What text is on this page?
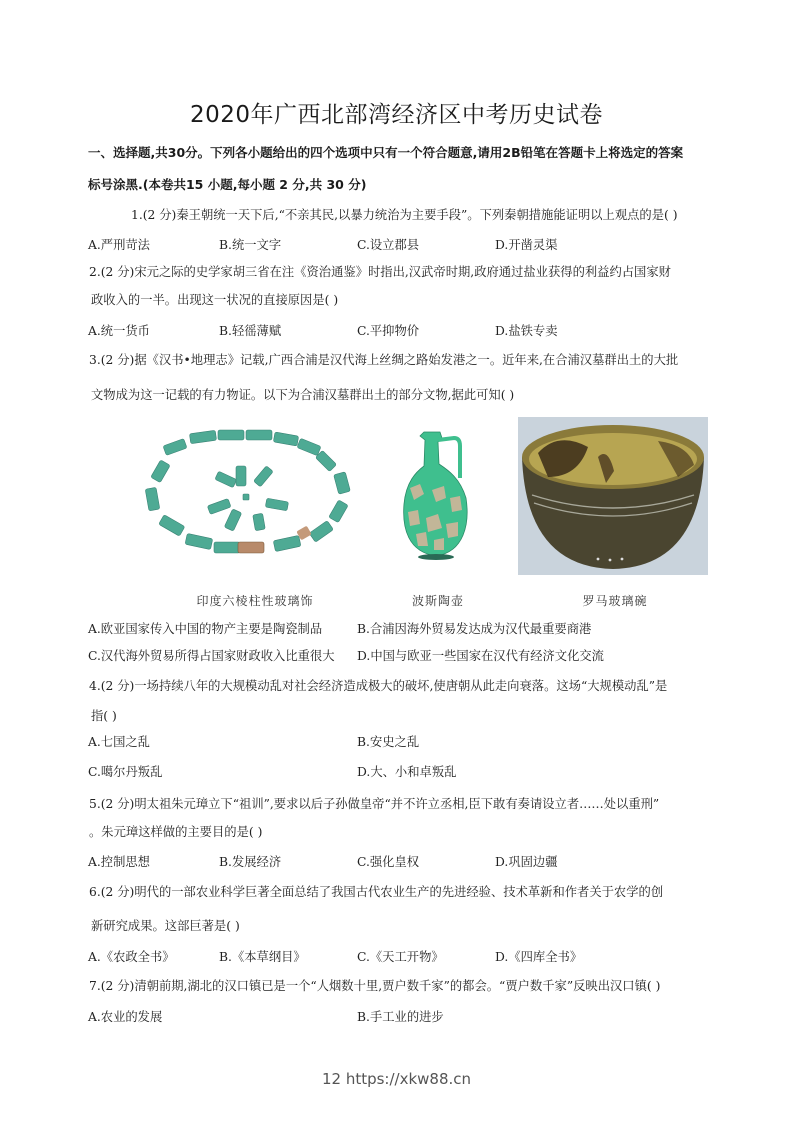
2020年广西北部湾经济区中考历史试卷
一、选择题,共30分。下列各小题给出的四个选项中只有一个符合题意,请用2B铅笔在答题卡上将选定的答案
标号涂黑.(本卷共15 小题,每小题 2 分,共 30 分)
1.(2 分)秦王朝统一天下后,“不亲其民,以暴力统治为主要手段”。下列秦朝措施能证明以上观点的是( )
A.严刑苛法	B.统一文字	C.设立郡县	D.开凿灵渠
2.(2 分)宋元之际的史学家胡三省在注《资治通鉴》时指出,汉武帝时期,政府通过盐业获得的利益约占国家财
政收入的一半。出现这一状况的直接原因是( )
A.统一货币	B.轻徭薄赋	C.平抑物价	D.盐铁专卖
3.(2 分)据《汉书•地理志》记载,广西合浦是汉代海上丝绸之路始发港之一。近年来,在合浦汉墓群出土的大批
文物成为这一记载的有力物证。以下为合浦汉墓群出土的部分文物,据此可知( )
印度六棱柱性玻璃饰	波斯陶壶	罗马玻璃碗
A.欧亚国家传入中国的物产主要是陶瓷制品	B.合浦因海外贸易发达成为汉代最重要商港
C.汉代海外贸易所得占国家财政收入比重很大 D.中国与欧亚一些国家在汉代有经济文化交流
4.(2 分)一场持续八年的大规模动乱对社会经济造成极大的破坏,使唐朝从此走向衰落。这场“大规模动乱”是
指( )
A.七国之乱	B.安史之乱
C.噶尔丹叛乱	D.大、小和卓叛乱
5.(2 分)明太祖朱元璋立下“祖训”,要求以后子孙做皇帝“并不许立丞相,臣下敢有奏请设立者……处以重刑”
。朱元璋这样做的主要目的是( )
A.控制思想	B.发展经济	C.强化皇权	D.巩固边疆
6.(2 分)明代的一部农业科学巨著全面总结了我国古代农业生产的先进经验、技术革新和作者关于农学的创
新研究成果。这部巨著是( )
A.《农政全书》	B.《本草纲目》	C.《天工开物》	D.《四库全书》
7.(2 分)清朝前期,湖北的汉口镇已是一个“人烟数十里,贾户数千家”的都会。“贾户数千家”反映出汉口镇( )
A.农业的发展	B.手工业的进步
12 https://xkw88.cn
